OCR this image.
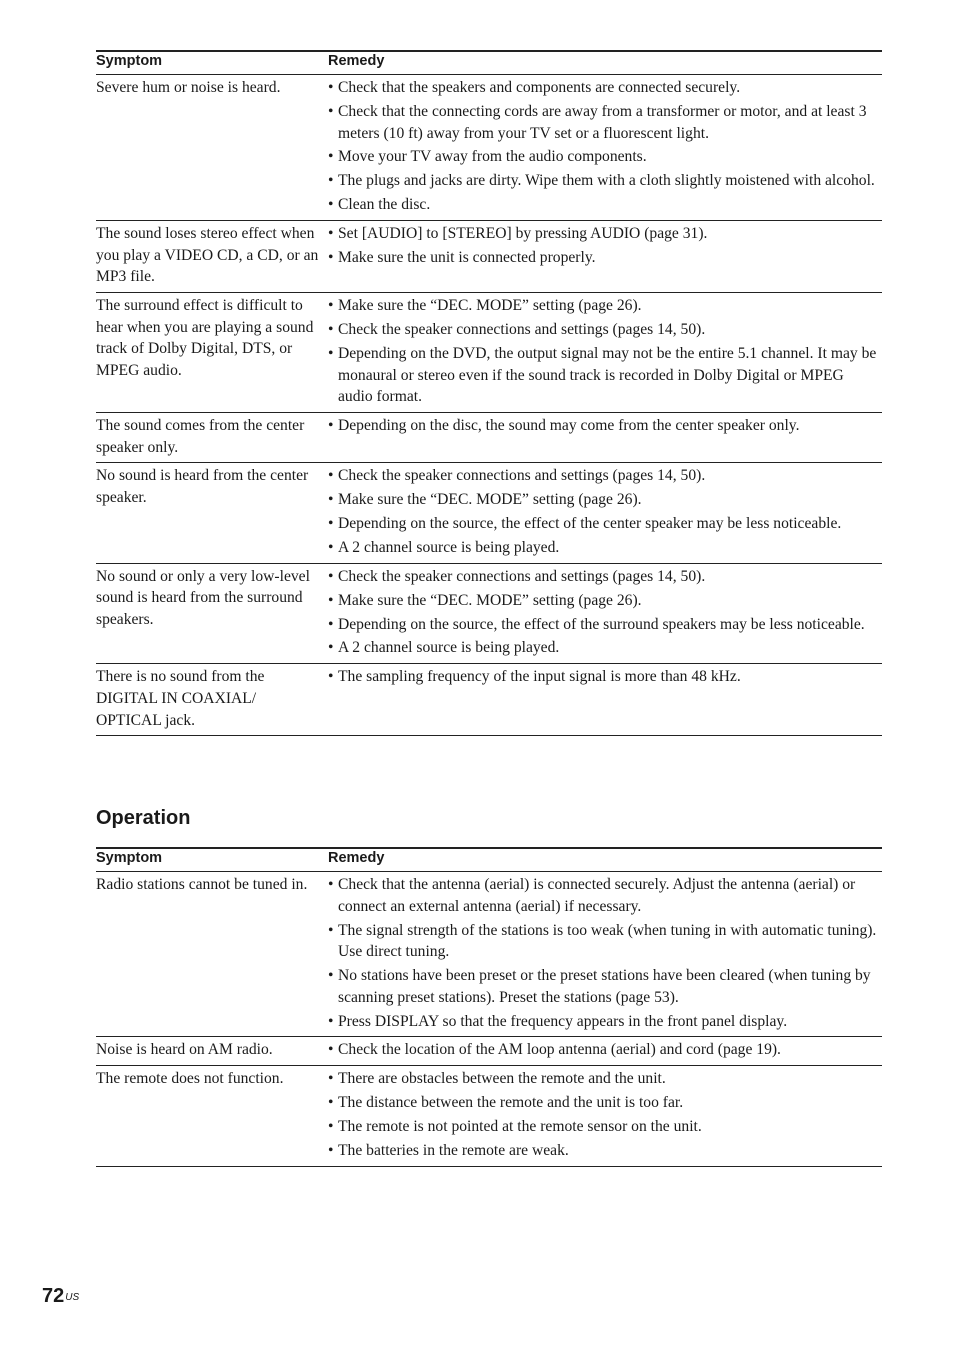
Symptom	Remedy
Severe hum or noise is heard.	• Check that the speakers and components are connected securely.
• Check that the connecting cords are away from a transformer or motor, and at least 3 meters (10 ft) away from your TV set or a fluorescent light.
• Move your TV away from the audio components.
• The plugs and jacks are dirty. Wipe them with a cloth slightly moistened with alcohol.
• Clean the disc.
The sound loses stereo effect when you play a VIDEO CD, a CD, or an MP3 file.
• Set [AUDIO] to [STEREO] by pressing AUDIO (page 31).
• Make sure the unit is connected properly.
The surround effect is difficult to hear when you are playing a sound track of Dolby Digital, DTS, or MPEG audio.
• Make sure the “DEC. MODE” setting (page 26).
• Check the speaker connections and settings (pages 14, 50).
• Depending on the DVD, the output signal may not be the entire 5.1 channel. It may be monaural or stereo even if the sound track is recorded in Dolby Digital or MPEG audio format.
The sound comes from the center speaker only.
• Depending on the disc, the sound may come from the center speaker only.
No sound is heard from the center speaker.
• Check the speaker connections and settings (pages 14, 50).
• Make sure the “DEC. MODE” setting (page 26).
• Depending on the source, the effect of the center speaker may be less noticeable.
• A 2 channel source is being played.
No sound or only a very low-level sound is heard from the surround speakers.
• Check the speaker connections and settings (pages 14, 50).
• Make sure the “DEC. MODE” setting (page 26).
• Depending on the source, the effect of the surround speakers may be less noticeable.
• A 2 channel source is being played.
There is no sound from the DIGITAL IN COAXIAL/ OPTICAL jack.
• The sampling frequency of the input signal is more than 48 kHz.
Operation
Symptom	Remedy
Radio stations cannot be tuned in.	• Check that the antenna (aerial) is connected securely. Adjust the antenna (aerial) or connect an external antenna (aerial) if necessary.
• The signal strength of the stations is too weak (when tuning in with automatic tuning). Use direct tuning.
• No stations have been preset or the preset stations have been cleared (when tuning by scanning preset stations). Preset the stations (page 53).
• Press DISPLAY so that the frequency appears in the front panel display.
Noise is heard on AM radio.	• Check the location of the AM loop antenna (aerial) and cord (page 19).
The remote does not function.	• There are obstacles between the remote and the unit.
• The distance between the remote and the unit is too far.
• The remote is not pointed at the remote sensor on the unit.
• The batteries in the remote are weak.
$72^{US}$
